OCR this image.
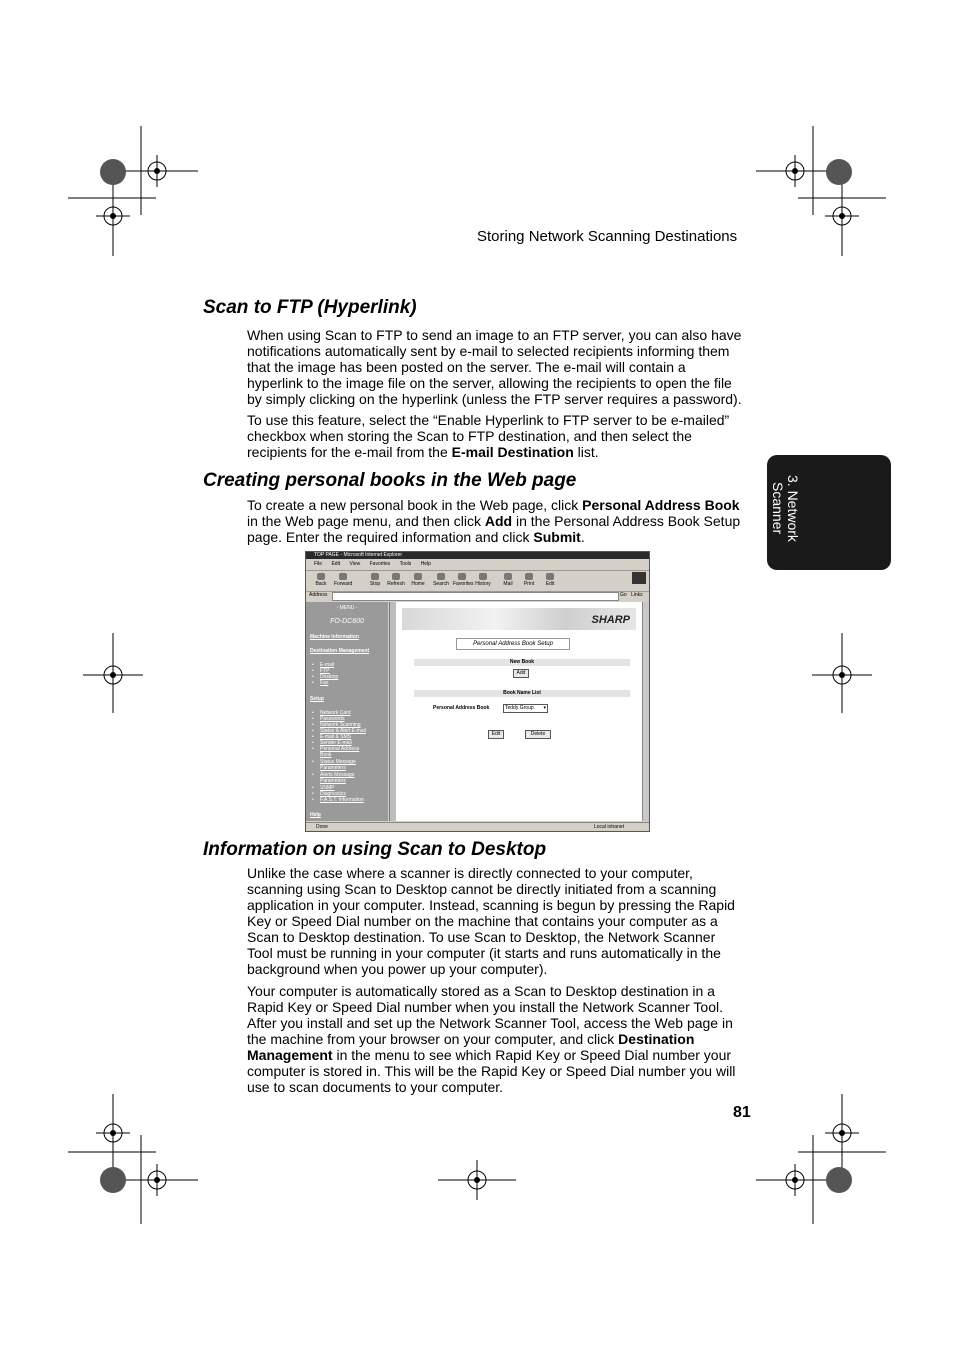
Storing Network Scanning Destinations
3. Network
Scanner
Scan to FTP (Hyperlink)
When using Scan to FTP to send an image to an FTP server, you can also have notifications automatically sent by e-mail to selected recipients informing them that the image has been posted on the server. The e-mail will contain a hyperlink to the image file on the server, allowing the recipients to open the file by simply clicking on the hyperlink (unless the FTP server requires a password).
To use this feature, select the “Enable Hyperlink to FTP server to be e-mailed” checkbox when storing the Scan to FTP destination, and then select the recipients for the e-mail from the E-mail Destination list.
Creating personal books in the Web page
To create a new personal book in the Web page, click Personal Address Book in the Web page menu, and then click Add in the Personal Address Book Setup page. Enter the required information and click Submit.
TOP PAGE - Microsoft Internet Explorer
File Edit View Favorites Tools Help
Back	Forward	Stop	Refresh	Home	Search Favorites History	Mail	Print	Edit
Address	Go Links
- MENU -
FO-DC600
Machine Information
Destination Management
• E-mail
• FTP
• Desktop
• Fax
Setup
• Network Card
• Passwords
• Network Scanning
• Status & Alert E-mail
• E-mail & SMS
• Sender E-mail
• Personal Address Book
• Status Message Parameters
• Alerts Message Parameters
• SNMP
• Diagnostics
• F.A.S.T. Information
Help
SHARP
Personal Address Book Setup
New Book
Add
Book Name List
Personal Address Book	Teddy Group ▾
Edit	Delete
Done	Local intranet
Information on using Scan to Desktop
Unlike the case where a scanner is directly connected to your computer, scanning using Scan to Desktop cannot be directly initiated from a scanning application in your computer. Instead, scanning is begun by pressing the Rapid Key or Speed Dial number on the machine that contains your computer as a Scan to Desktop destination. To use Scan to Desktop, the Network Scanner Tool must be running in your computer (it starts and runs automatically in the background when you power up your computer).
Your computer is automatically stored as a Scan to Desktop destination in a Rapid Key or Speed Dial number when you install the Network Scanner Tool. After you install and set up the Network Scanner Tool, access the Web page in the machine from your browser on your computer, and click Destination Management in the menu to see which Rapid Key or Speed Dial number your computer is stored in. This will be the Rapid Key or Speed Dial number you will use to scan documents to your computer.
81
